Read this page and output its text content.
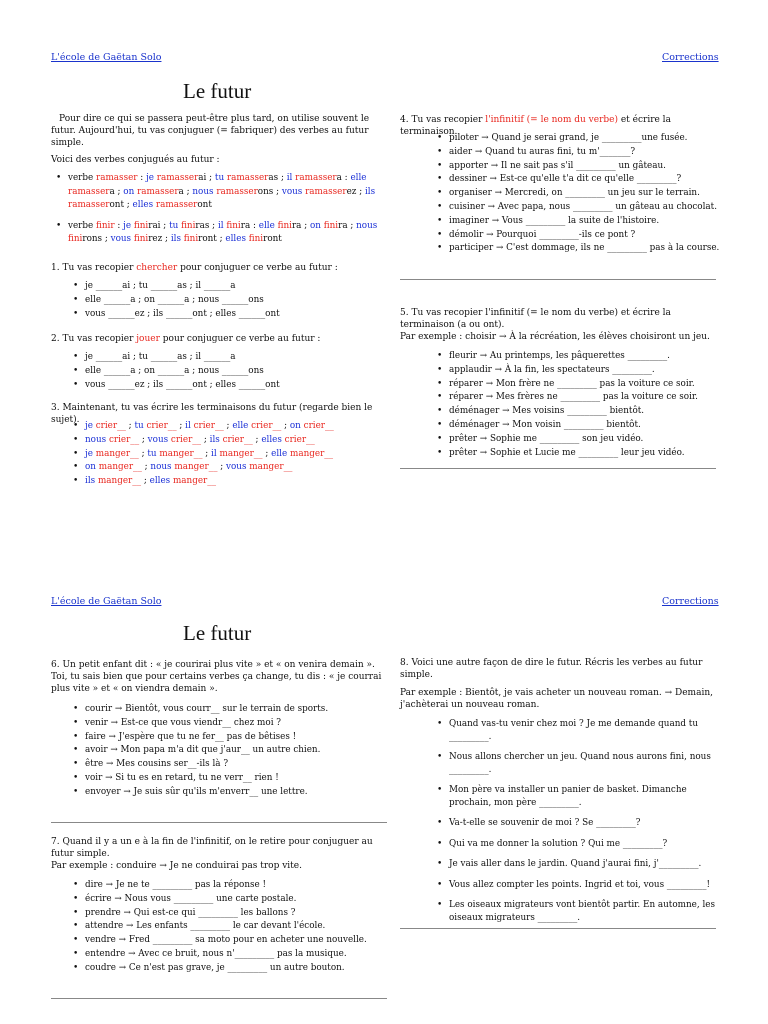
L'école de Gaëtan Solo	Corrections
Le futur
Pour dire ce qui se passera peut-être plus tard, on utilise souvent le futur. Aujourd'hui, tu vas conjuguer (= fabriquer) des verbes au futur simple.
Voici des verbes conjugués au futur :
• verbe ramasser : je ramasserai ; tu ramasseras ; il ramassera : elle ramassera ; on ramassera ; nous ramasserons ; vous ramasserez ; ils ramasseront ; elles ramasseront
• verbe finir : je finirai ; tu finiras ; il finira : elle finira ; on finira ; nous finirons ; vous finirez ; ils finiront ; elles finiront
1. Tu vas recopier chercher pour conjuguer ce verbe au futur :
• je ______ai ; tu ______as ; il ______a
• elle ______a ; on ______a ; nous ______ons
• vous ______ez ; ils ______ont ; elles ______ont
2. Tu vas recopier jouer pour conjuguer ce verbe au futur :
• je ______ai ; tu ______as ; il ______a
• elle ______a ; on ______a ; nous ______ons
• vous ______ez ; ils ______ont ; elles ______ont
3. Maintenant, tu vas écrire les terminaisons du futur (regarde bien le sujet).
• je crier__ ; tu crier__ ; il crier__ ; elle crier__ ; on crier__
• nous crier__ ; vous crier__ ; ils crier__ ; elles crier__
• je manger__ ; tu manger__ ; il manger__ ; elle manger__
• on manger__ ; nous manger__ ; vous manger__
• ils manger__ ; elles manger__
4. Tu vas recopier l'infinitif (= le nom du verbe) et écrire la terminaison.
• piloter → Quand je serai grand, je _________une fusée.
• aider → Quand tu auras fini, tu m'_______?
• apporter → Il ne sait pas s'il _________ un gâteau.
• dessiner → Est-ce qu'elle t'a dit ce qu'elle _________?
• organiser → Mercredi, on _________ un jeu sur le terrain.
• cuisiner → Avec papa, nous _________ un gâteau au chocolat.
• imaginer → Vous _________ la suite de l'histoire.
• démolir → Pourquoi _________-ils ce pont ?
• participer → C'est dommage, ils ne _________ pas à la course.
5. Tu vas recopier l'infinitif (= le nom du verbe) et écrire la terminaison (a ou ont).
Par exemple : choisir → À la récréation, les élèves choisiront un jeu.
• fleurir → Au printemps, les pâquerettes _________.
• applaudir → À la fin, les spectateurs _________.
• réparer → Mon frère ne _________ pas la voiture ce soir.
• réparer → Mes frères ne _________ pas la voiture ce soir.
• déménager → Mes voisins _________ bientôt.
• déménager → Mon voisin _________ bientôt.
• prêter → Sophie me _________ son jeu vidéo.
• prêter → Sophie et Lucie me _________ leur jeu vidéo.
L'école de Gaëtan Solo	Corrections
Le futur
6. Un petit enfant dit : « je courirai plus vite » et « on venira demain ». Toi, tu sais bien que pour certains verbes ça change, tu dis : « je courrai plus vite » et « on viendra demain ».
• courir → Bientôt, vous courr__ sur le terrain de sports.
• venir → Est-ce que vous viendr__ chez moi ?
• faire → J'espère que tu ne fer__ pas de bêtises !
• avoir → Mon papa m'a dit que j'aur__ un autre chien.
• être → Mes cousins ser__-ils là ?
• voir → Si tu es en retard, tu ne verr__ rien !
• envoyer → Je suis sûr qu'ils m'enverr__ une lettre.
7. Quand il y a un e à la fin de l'infinitif, on le retire pour conjuguer au futur simple.
Par exemple : conduire → Je ne conduirai pas trop vite.
• dire → Je ne te _________ pas la réponse !
• écrire → Nous vous _________ une carte postale.
• prendre → Qui est-ce qui _________ les ballons ?
• attendre → Les enfants _________ le car devant l'école.
• vendre → Fred _________ sa moto pour en acheter une nouvelle.
• entendre → Avec ce bruit, nous n'_________ pas la musique.
• coudre → Ce n'est pas grave, je _________ un autre bouton.
8. Voici une autre façon de dire le futur. Récris les verbes au futur simple.
Par exemple : Bientôt, je vais acheter un nouveau roman. → Demain, j'achèterai un nouveau roman.
• Quand vas-tu venir chez moi ? Je me demande quand tu _________.
• Nous allons chercher un jeu. Quand nous aurons fini, nous _________.
• Mon père va installer un panier de basket. Dimanche prochain, mon père _________.
• Va-t-elle se souvenir de moi ? Se _________?
• Qui va me donner la solution ? Qui me _________?
• Je vais aller dans le jardin. Quand j'aurai fini, j'_________.
• Vous allez compter les points. Ingrid et toi, vous _________!
• Les oiseaux migrateurs vont bientôt partir. En automne, les oiseaux migrateurs _________.
